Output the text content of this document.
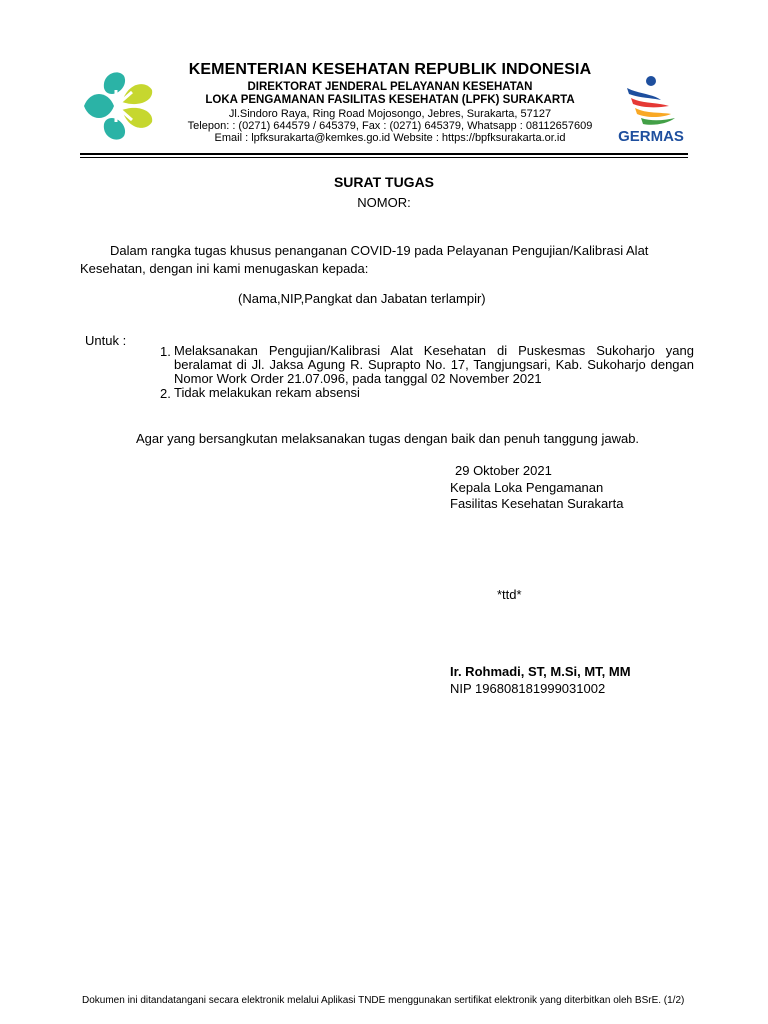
GERMAS
KEMENTERIAN KESEHATAN REPUBLIK INDONESIA
DIREKTORAT JENDERAL PELAYANAN KESEHATAN
LOKA PENGAMANAN FASILITAS KESEHATAN (LPFK) SURAKARTA
Jl.Sindoro Raya, Ring Road Mojosongo, Jebres, Surakarta, 57127
Telepon: : (0271) 644579 / 645379, Fax : (0271) 645379, Whatsapp : 08112657609
Email : lpfksurakarta@kemkes.go.id Website : https://bpfksurakarta.or.id
SURAT TUGAS
NOMOR:
Dalam rangka tugas khusus penanganan COVID-19 pada Pelayanan Pengujian/Kalibrasi Alat
Kesehatan, dengan ini kami menugaskan kepada:
(Nama,NIP,Pangkat dan Jabatan terlampir)
Untuk :
1. Melaksanakan Pengujian/Kalibrasi Alat Kesehatan di Puskesmas Sukoharjo yang beralamat di Jl. Jaksa Agung R. Suprapto No. 17, Tangjungsari, Kab. Sukoharjo dengan Nomor Work Order 21.07.096, pada tanggal 02 November 2021
2. Tidak melakukan rekam absensi
Agar yang bersangkutan melaksanakan tugas dengan baik dan penuh tanggung jawab.
29 Oktober 2021
Kepala Loka Pengamanan
Fasilitas Kesehatan Surakarta
*ttd*
Ir. Rohmadi, ST, M.Si, MT, MM
NIP 196808181999031002
Dokumen ini ditandatangani secara elektronik melalui Aplikasi TNDE menggunakan sertifikat elektronik yang diterbitkan oleh BSrE. (1/2)
